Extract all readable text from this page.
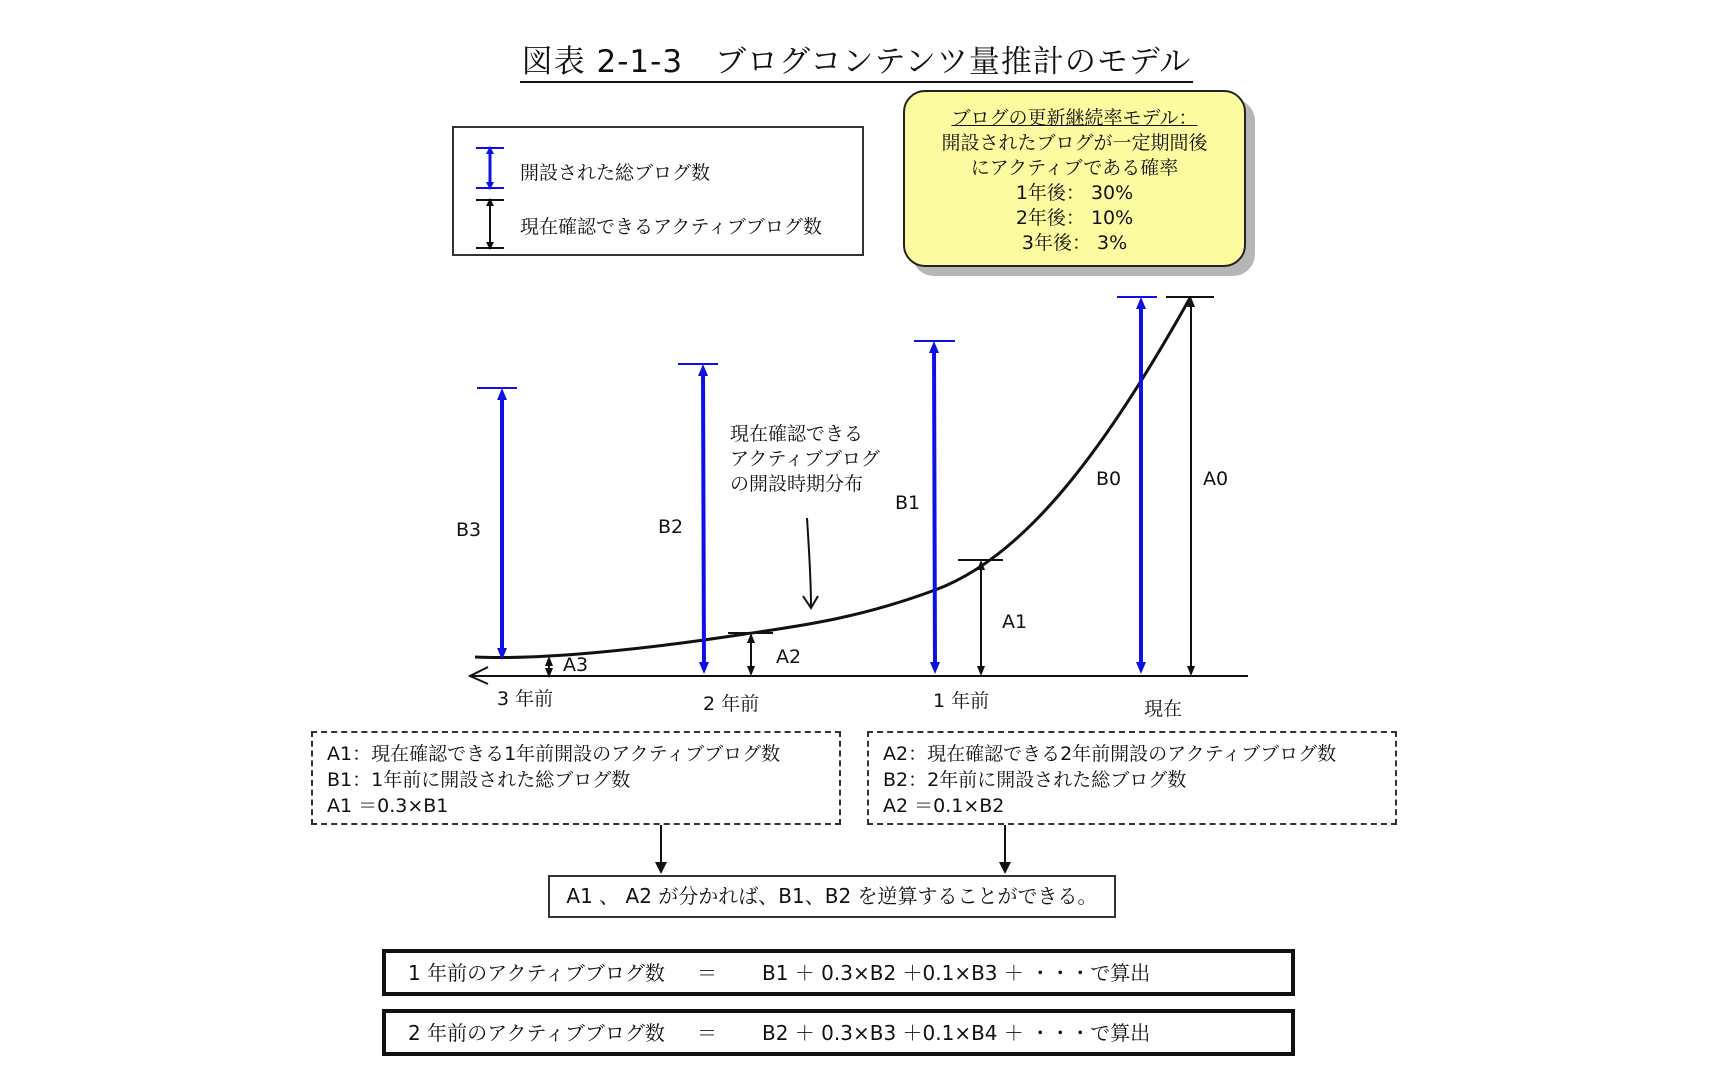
図表 2-1-3　ブログコンテンツ量推計のモデル
開設された総ブログ数
現在確認できるアクティブブログ数
ブログの更新継続率モデル：
開設されたブログが一定期間後
にアクティブである確率
1年後： 30%
2年後： 10%
3年後： 3%
現在確認できる
アクティブブログ
の開設時期分布
B3	B2
B1
B0
A3	A2
A1
A0
3 年前	2 年前	1 年前	現在
A1：現在確認できる1年前開設のアクティブブログ数
B1：1年前に開設された総ブログ数
A1 ＝0.3×B1
A2：現在確認できる2年前開設のアクティブブログ数
B2：2年前に開設された総ブログ数
A2 ＝0.1×B2
A1 、 A2 が分かれば、B1、B2 を逆算することができる。
1 年前のアクティブブログ数 ＝ B1 ＋ 0.3×B2 ＋0.1×B3 ＋ ・・・で算出
2 年前のアクティブブログ数 ＝ B2 ＋ 0.3×B3 ＋0.1×B4 ＋ ・・・で算出
